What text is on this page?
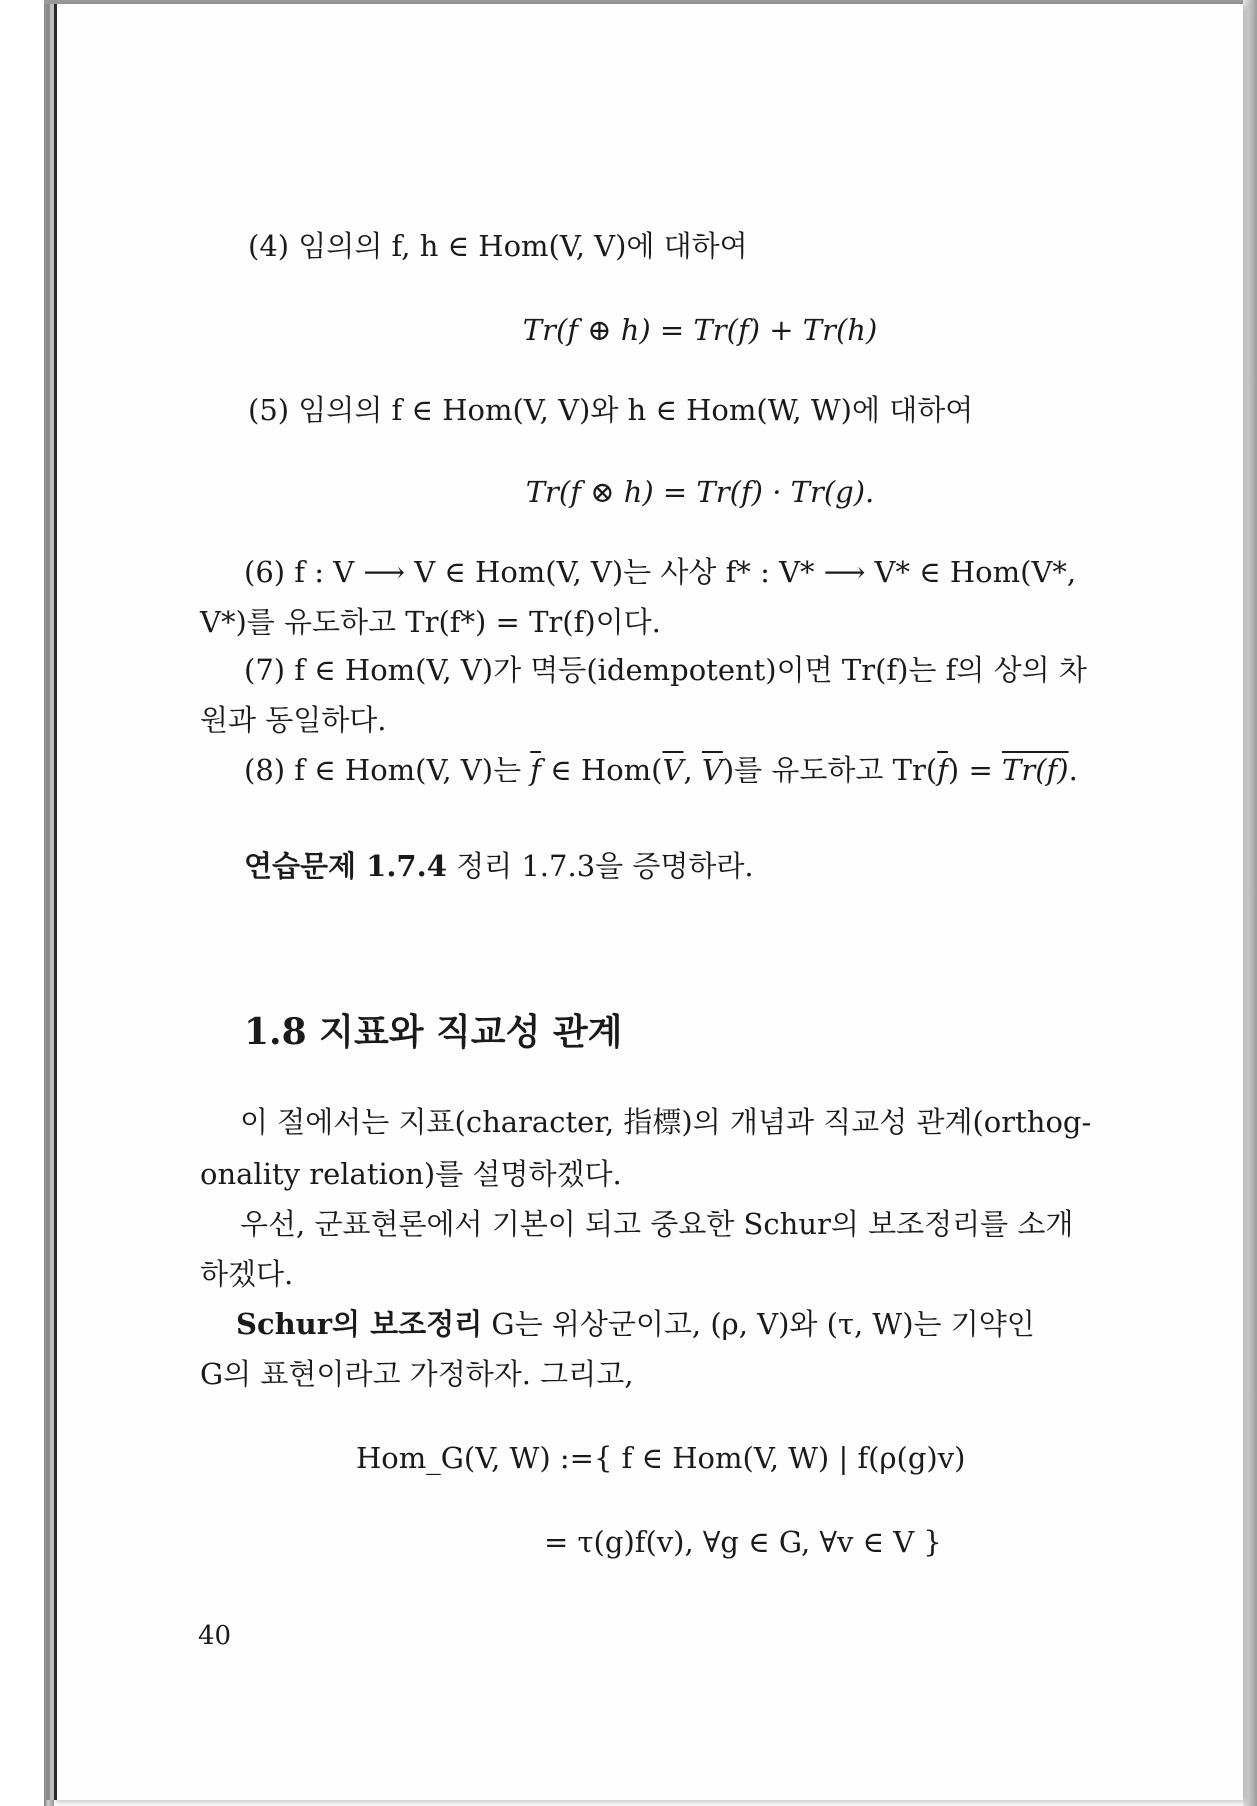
(4) 임의의 f, h ∈ Hom(V, V)에 대하여
Tr(f ⊕ h) = Tr(f) + Tr(h)
(5) 임의의 f ∈ Hom(V, V)와 h ∈ Hom(W, W)에 대하여
Tr(f ⊗ h) = Tr(f) · Tr(g).
(6) f : V ⟶ V ∈ Hom(V, V)는 사상 f* : V* ⟶ V* ∈ Hom(V*,
V*)를 유도하고 Tr(f*) = Tr(f)이다.
(7) f ∈ Hom(V, V)가 멱등(idempotent)이면 Tr(f)는 f의 상의 차
원과 동일하다.
(8) f ∈ Hom(V, V)는 $\overline{f}$ ∈ $Hom(\overline{V}$, $\overline{V}$)를 유도하고 $Tr(\overline{f}) = Tr(f)$.
연습문제 1.7.4 정리 1.7.3을 증명하라.
1.8 지표와 직교성 관계
이 절에서는 지표(character, 指標)의 개념과 직교성 관계(orthog-
onality relation)를 설명하겠다.
우선, 군표현론에서 기본이 되고 중요한 Schur의 보조정리를 소개
하겠다.
Schur의 보조정리 G는 위상군이고, (ρ, V)와 (τ, W)는 기약인
G의 표현이라고 가정하자. 그리고,
Hom_G(V, W) :={ f ∈ Hom(V, W) | f(ρ(g)v)
= τ(g)f(v), ∀g ∈ G, ∀v ∈ V }
40
